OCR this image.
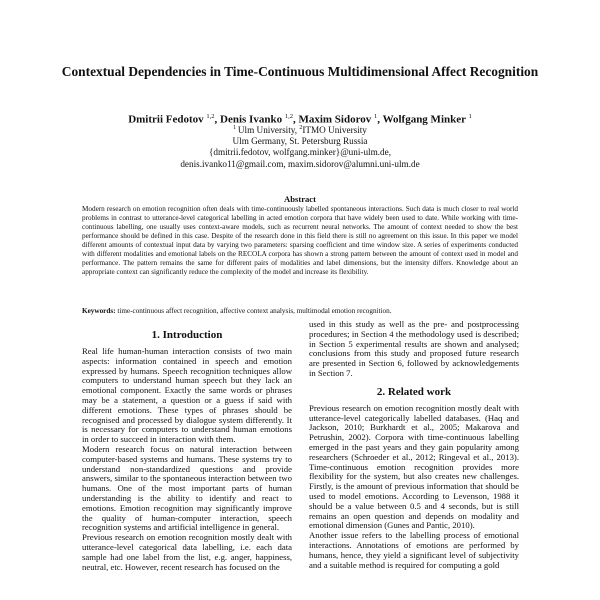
Contextual Dependencies in Time-Continuous Multidimensional Affect Recognition
Dmitrii Fedotov $^{1,2}$, Denis Ivanko $^{1,2}$, Maxim Sidorov $^1$, Wolfgang Minker $^1$
$^1$  Ulm University, $^2$ITMO University
Ulm Germany, St. Petersburg Russia
{dmitrii.fedotov, wolfgang.minker}@uni-ulm.de,
denis.ivanko11@gmail.com, maxim.sidorov@alumni.uni-ulm.de
Abstract
Modern research on emotion recognition often deals with time-continuously labelled spontaneous interactions. Such data is much closer to real world problems in contrast to utterance-level categorical labelling in acted emotion corpora that have widely been used to date. While working with time-continuous labelling, one usually uses context-aware models, such as recurrent neural networks. The amount of context needed to show the best performance should be defined in this case. Despite of the research done in this field there is still no agreement on this issue. In this paper we model different amounts of contextual input data by varying two parameters: sparsing coefficient and time window size. A series of experiments conducted with different modalities and emotional labels on the RECOLA corpora has shown a strong pattern between the amount of context used in model and performance. The pattern remains the same for different pairs of modalities and label dimensions, but the intensity differs. Knowledge about an appropriate context can significantly reduce the complexity of the model and increase its flexibility.
Keywords: time-continuous affect recognition, affective context analysis, multimodal emotion recognition.
1. Introduction

Real life human-human interaction consists of two main aspects: information contained in speech and emotion expressed by humans. Speech recognition techniques allow computers to understand human speech but they lack an emotional component. Exactly the same words or phrases may be a statement, a question or a guess if said with different emotions. These types of phrases should be recognised and processed by dialogue system differently. It is necessary for computers to understand human emotions in order to succeed in interaction with them.

Modern research focus on natural interaction between computer-based systems and humans. These systems try to understand non-standardized questions and provide answers, similar to the spontaneous interaction between two humans. One of the most important parts of human understanding is the ability to identify and react to emotions. Emotion recognition may significantly improve the quality of human-computer interaction, speech recognition systems and artificial intelligence in general.

Previous research on emotion recognition mostly dealt with utterance-level categorical data labelling, i.e. each data sample had one label from the list, e.g. anger, happiness, neutral, etc. However, recent research has focused on the

used in this study as well as the pre- and postprocessing procedures; in Section 4 the methodology used is described; in Section 5 experimental results are shown and analysed; conclusions from this study and proposed future research are presented in Section 6, followed by acknowledgements in Section 7.

2. Related work

Previous research on emotion recognition mostly dealt with utterance-level categorically labelled databases. (Haq and Jackson, 2010; Burkhardt et al., 2005; Makarova and Petrushin, 2002). Corpora with time-continuous labelling emerged in the past years and they gain popularity among researchers (Schroeder et al., 2012; Ringeval et al., 2013). Time-continuous emotion recognition provides more flexibility for the system, but also creates new challenges. Firstly, is the amount of previous information that should be used to model emotions. According to Levenson, 1988 it should be a value between 0.5 and 4 seconds, but is still remains an open question and depends on modality and emotional dimension (Gunes and Pantic, 2010).

Another issue refers to the labelling process of emotional interactions. Annotations of emotions are performed by humans, hence, they yield a significant level of subjectivity and a suitable method is required for computing a gold
